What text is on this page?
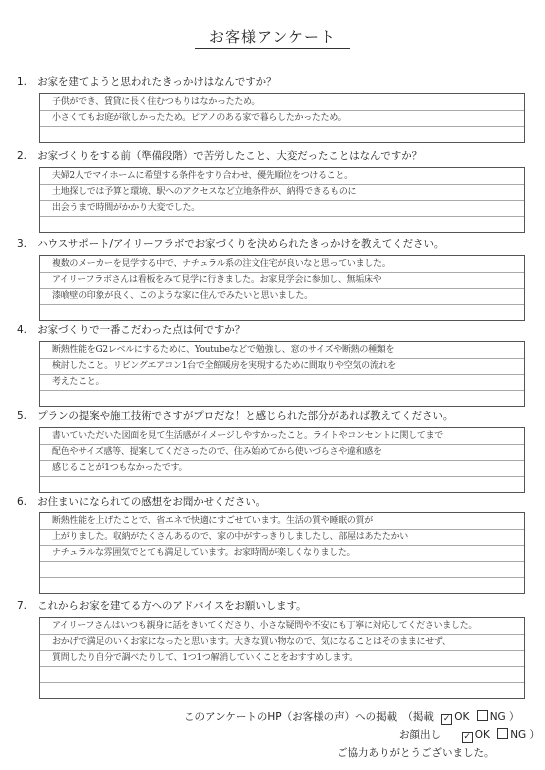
お客様アンケート
1.　お家を建てようと思われたきっかけはなんですか？
子供ができ、賃貸に長く住むつもりはなかったため。
小さくてもお庭が欲しかったため。ピアノのある家で暮らしたかったため。
2.　お家づくりをする前（準備段階）で苦労したこと、大変だったことはなんですか？
夫婦2人でマイホームに希望する条件をすり合わせ、優先順位をつけること。
土地探しでは予算と環境、駅へのアクセスなど立地条件が、納得できるものに
出会うまで時間がかかり大変でした。
3.　ハウスサポート/アイリーフラボでお家づくりを決められたきっかけを教えてください。
複数のメーカーを見学する中で、ナチュラル系の注文住宅が良いなと思っていました。
アイリーフラボさんは看板をみて見学に行きました。お家見学会に参加し、無垢床や
漆喰壁の印象が良く、このような家に住んでみたいと思いました。
4.　お家づくりで一番こだわった点は何ですか？
断熱性能をG2レベルにするために、Youtubeなどで勉強し、窓のサイズや断熱の種類を
検討したこと。リビングエアコン1台で全館暖房を実現するために間取りや空気の流れを
考えたこと。
5.　プランの提案や施工技術でさすがプロだな！と感じられた部分があれば教えてください。
書いていただいた図面を見て生活感がイメージしやすかったこと。ライトやコンセントに関してまで
配色やサイズ感等、提案してくださったので、住み始めてから使いづらさや違和感を
感じることが1つもなかったです。
6.　お住まいになられての感想をお聞かせください。
断熱性能を上げたことで、省エネで快適にすごせています。生活の質や睡眠の質が
上がりました。収納がたくさんあるので、家の中がすっきりしましたし、部屋はあたたかい
ナチュラルな雰囲気でとても満足しています。お家時間が楽しくなりました。
7.　これからお家を建てる方へのアドバイスをお願いします。
アイリーフさんはいつも親身に話をきいてくださり、小さな疑問や不安にも丁寧に対応してくださいました。
おかげで満足のいくお家になったと思います。大きな買い物なので、気になることはそのままにせず、
質問したり自分で調べたりして、1つ1つ解消していくことをおすすめします。
このアンケートのHP（お客様の声）への掲載　（掲載 ✓ OK NG ）
お顔出し ✓ OK NG ）
ご協力ありがとうございました。
